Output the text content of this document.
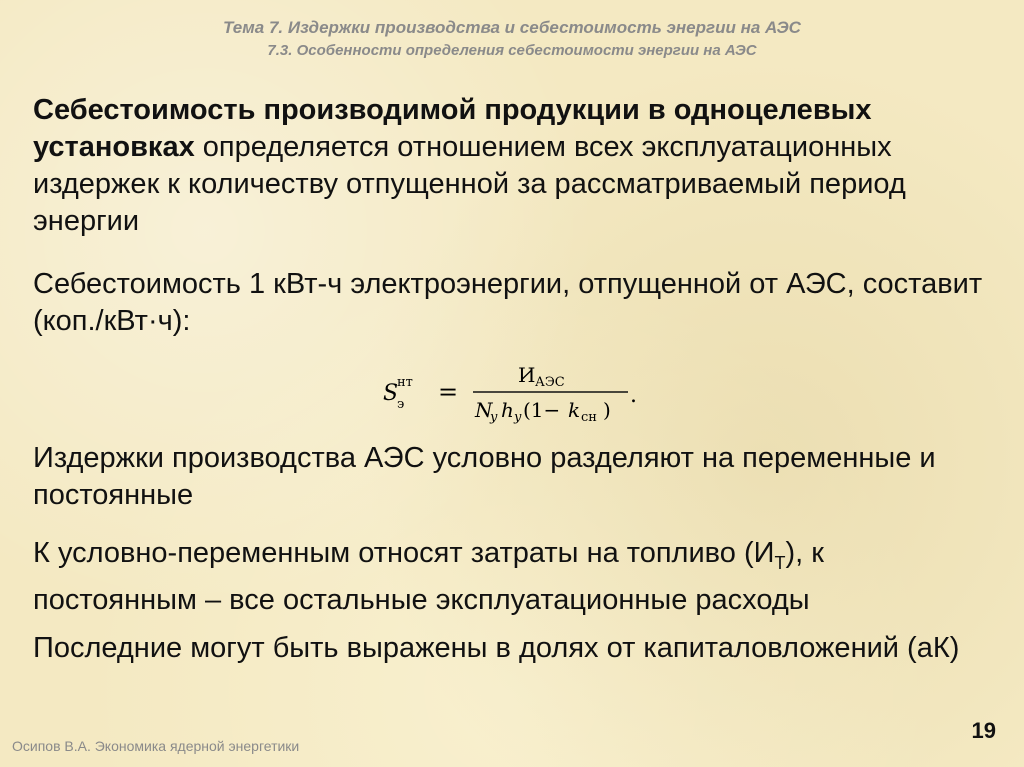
Тема 7. Издержки производства и себестоимость энергии на АЭС
7.3. Особенности определения себестоимости энергии на АЭС

Себестоимость производимой продукции в одноцелевых установках определяется отношением всех эксплуатационных издержек к количеству отпущенной за рассматриваемый период энергии

Себестоимость 1 кВт-ч электроэнергии, отпущенной от АЭС, составит (коп./кВт·ч):

S
нт
э =
И АЭС
N
у h у (1− k сн )
.

Издержки производства АЭС условно разделяют на переменные и постоянные

К условно-переменным относят затраты на топливо $(И_Т)$, к постоянным – все остальные эксплуатационные расходы

Последние могут быть выражены в долях от капиталовложений (аК)

Осипов В.А. Экономика ядерной энергетики
19
